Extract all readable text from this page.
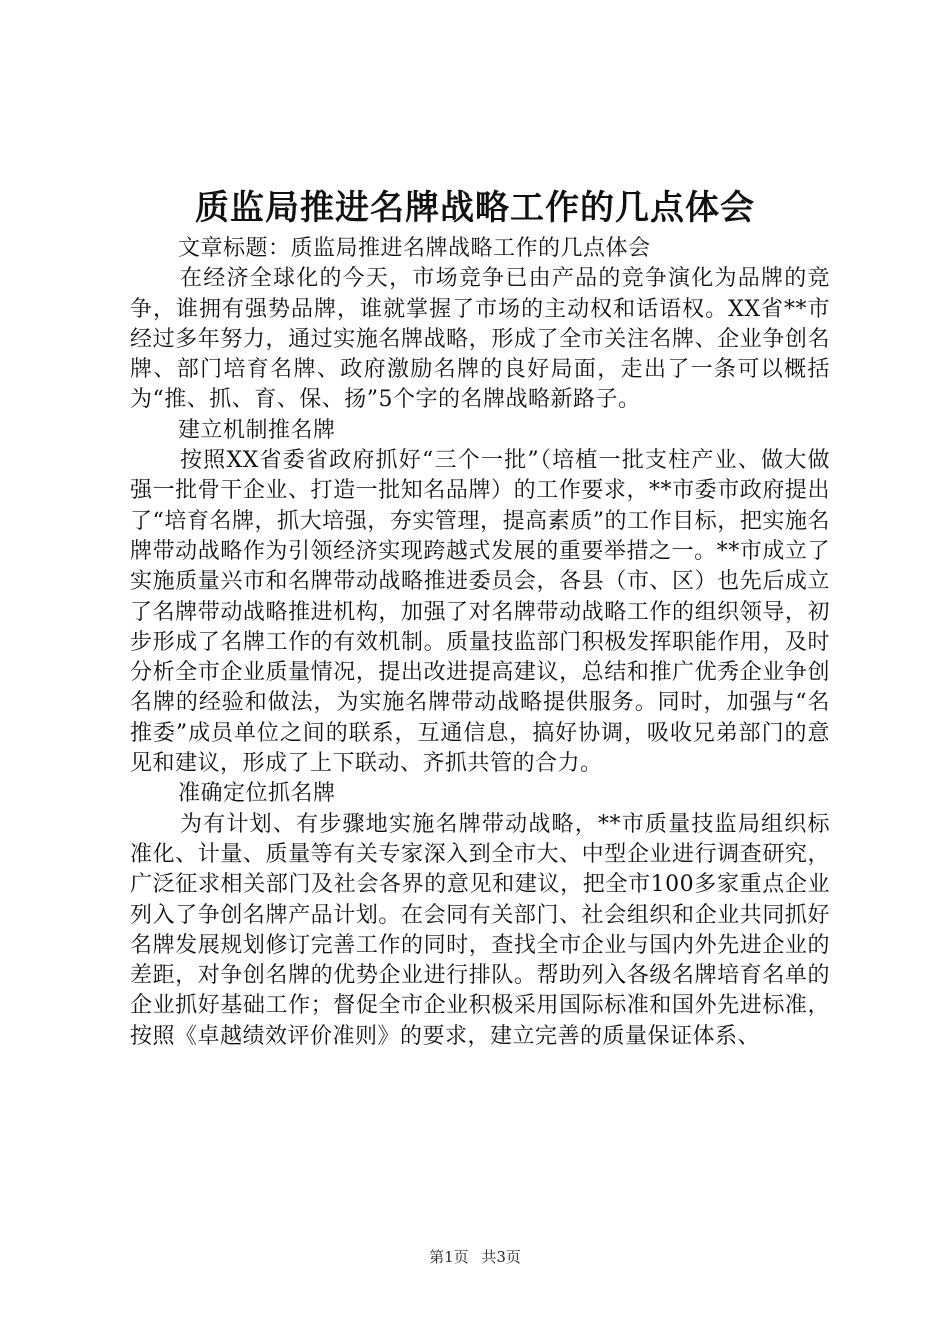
质监局推进名牌战略工作的几点体会

文章标题：质监局推进名牌战略工作的几点体会

在经济全球化的今天，市场竞争已由产品的竞争演化为品牌的竞争，谁拥有强势品牌，谁就掌握了市场的主动权和话语权。XX省**市经过多年努力，通过实施名牌战略，形成了全市关注名牌、企业争创名牌、部门培育名牌、政府激励名牌的良好局面，走出了一条可以概括为“推、抓、育、保、扬”5个字的名牌战略新路子。

建立机制推名牌

按照XX省委省政府抓好“三个一批”（培植一批支柱产业、做大做强一批骨干企业、打造一批知名品牌）的工作要求，**市委市政府提出了“培育名牌，抓大培强，夯实管理，提高素质”的工作目标，把实施名牌带动战略作为引领经济实现跨越式发展的重要举措之一。**市成立了实施质量兴市和名牌带动战略推进委员会，各县（市、区）也先后成立了名牌带动战略推进机构，加强了对名牌带动战略工作的组织领导，初步形成了名牌工作的有效机制。质量技监部门积极发挥职能作用，及时分析全市企业质量情况，提出改进提高建议，总结和推广优秀企业争创名牌的经验和做法，为实施名牌带动战略提供服务。同时，加强与“名推委”成员单位之间的联系，互通信息，搞好协调，吸收兄弟部门的意见和建议，形成了上下联动、齐抓共管的合力。

准确定位抓名牌

为有计划、有步骤地实施名牌带动战略，**市质量技监局组织标准化、计量、质量等有关专家深入到全市大、中型企业进行调查研究，广泛征求相关部门及社会各界的意见和建议，把全市100多家重点企业列入了争创名牌产品计划。在会同有关部门、社会组织和企业共同抓好名牌发展规划修订完善工作的同时，查找全市企业与国内外先进企业的差距，对争创名牌的优势企业进行排队。帮助列入各级名牌培育名单的企业抓好基础工作；督促全市企业积极采用国际标准和国外先进标准，按照《卓越绩效评价准则》的要求，建立完善的质量保证体系、

第1页 共3页
